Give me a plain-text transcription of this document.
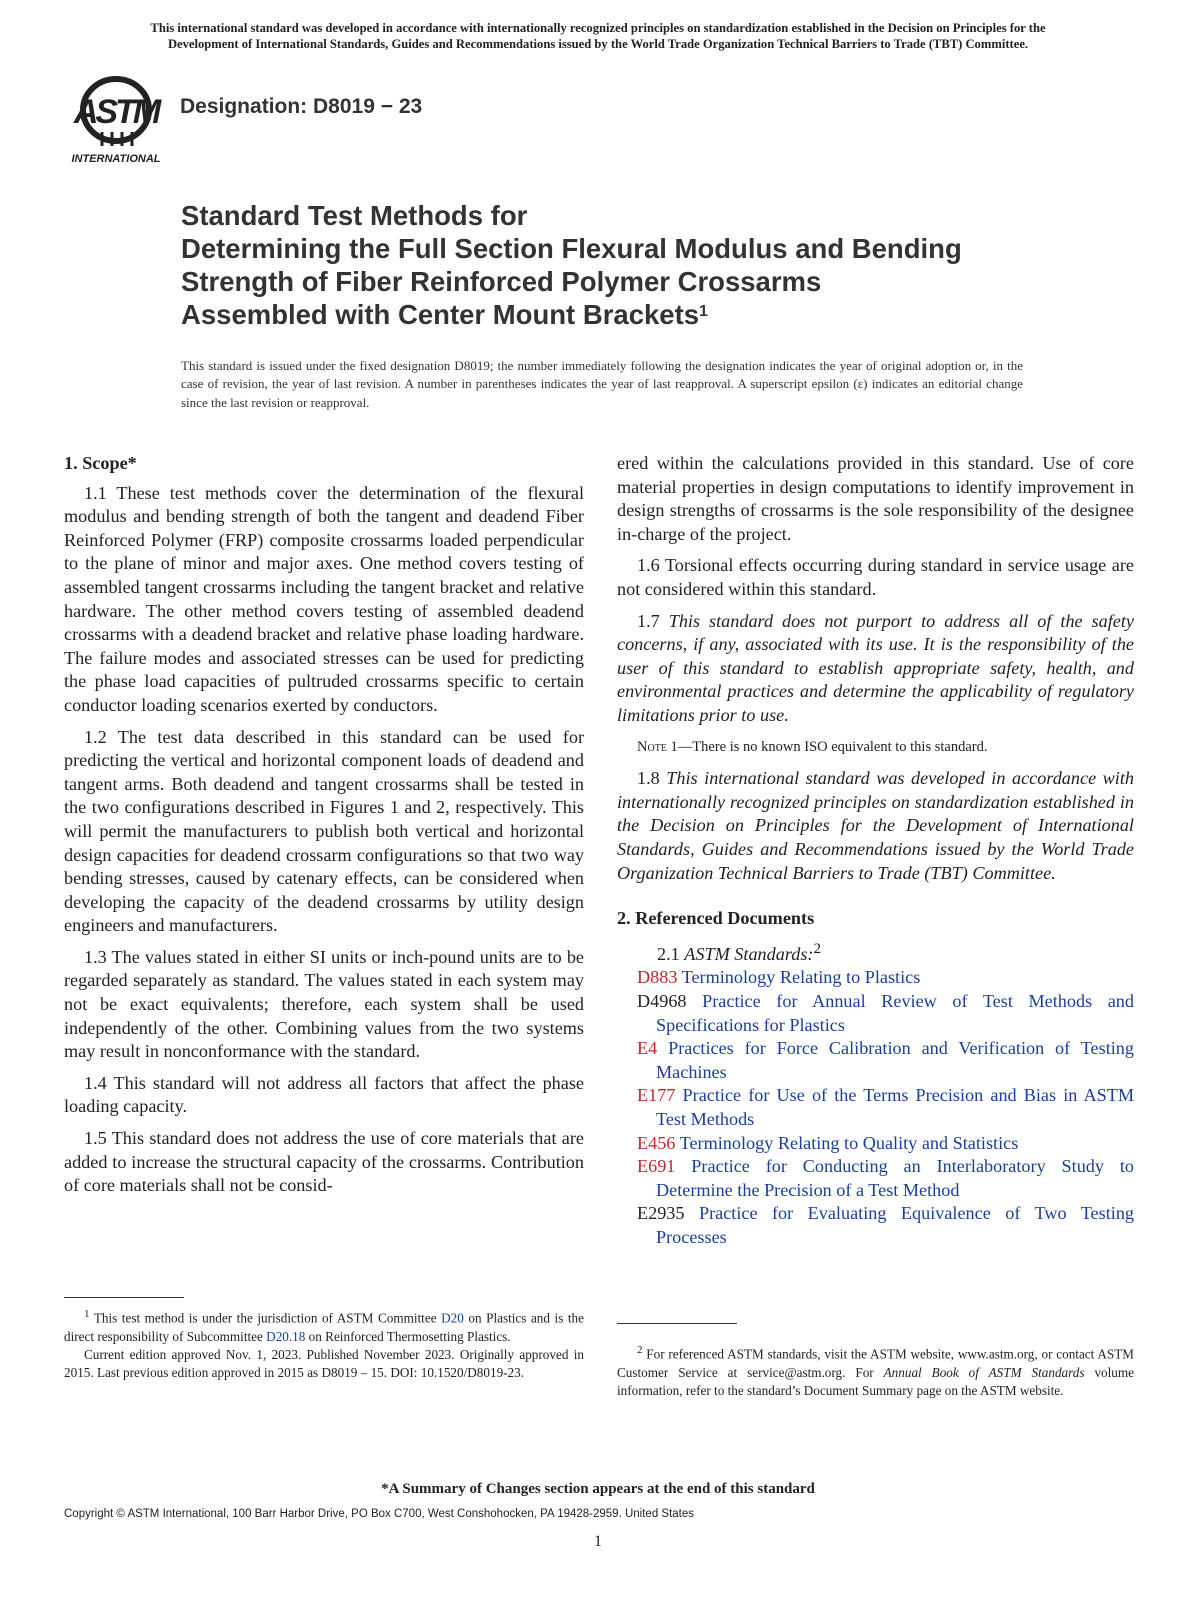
This international standard was developed in accordance with internationally recognized principles on standardization established in the Decision on Principles for the
Development of International Standards, Guides and Recommendations issued by the World Trade Organization Technical Barriers to Trade (TBT) Committee.
ASTM
INTERNATIONAL
Designation: D8019 − 23
Standard Test Methods for
Determining the Full Section Flexural Modulus and Bending
Strength of Fiber Reinforced Polymer Crossarms
Assembled with Center Mount Brackets$^1$
This standard is issued under the fixed designation D8019; the number immediately following the designation indicates the year of original adoption or, in the case of revision, the year of last revision. A number in parentheses indicates the year of last reapproval. A superscript epsilon (ε) indicates an editorial change since the last revision or reapproval.
1. Scope*

1.1 These test methods cover the determination of the flexural modulus and bending strength of both the tangent and deadend Fiber Reinforced Polymer (FRP) composite crossarms loaded perpendicular to the plane of minor and major axes. One method covers testing of assembled tangent crossarms including the tangent bracket and relative hardware. The other method covers testing of assembled deadend crossarms with a deadend bracket and relative phase loading hardware. The failure modes and associated stresses can be used for predicting the phase load capacities of pultruded crossarms specific to certain conductor loading scenarios exerted by conductors.

1.2 The test data described in this standard can be used for predicting the vertical and horizontal component loads of deadend and tangent arms. Both deadend and tangent crossarms shall be tested in the two configurations described in Figures 1 and 2, respectively. This will permit the manufacturers to publish both vertical and horizontal design capacities for deadend crossarm configurations so that two way bending stresses, caused by catenary effects, can be considered when developing the capacity of the deadend crossarms by utility design engineers and manufacturers.

1.3 The values stated in either SI units or inch-pound units are to be regarded separately as standard. The values stated in each system may not be exact equivalents; therefore, each system shall be used independently of the other. Combining values from the two systems may result in nonconformance with the standard.

1.4 This standard will not address all factors that affect the phase loading capacity.

1.5 This standard does not address the use of core materials that are added to increase the structural capacity of the crossarms. Contribution of core materials shall not be consid-

ered within the calculations provided in this standard. Use of core material properties in design computations to identify improvement in design strengths of crossarms is the sole responsibility of the designee in-charge of the project.

1.6 Torsional effects occurring during standard in service usage are not considered within this standard.

1.7 This standard does not purport to address all of the safety concerns, if any, associated with its use. It is the responsibility of the user of this standard to establish appropriate safety, health, and environmental practices and determine the applicability of regulatory limitations prior to use.

Note 1—There is no known ISO equivalent to this standard.

1.8 This international standard was developed in accordance with internationally recognized principles on standardization established in the Decision on Principles for the Development of International Standards, Guides and Recommendations issued by the World Trade Organization Technical Barriers to Trade (TBT) Committee.

2. Referenced Documents

2.1 ASTM Standards:$^2$

D883 Terminology Relating to Plastics

D4968 Practice for Annual Review of Test Methods and Specifications for Plastics

E4 Practices for Force Calibration and Verification of Testing Machines

E177 Practice for Use of the Terms Precision and Bias in ASTM Test Methods

E456 Terminology Relating to Quality and Statistics

E691 Practice for Conducting an Interlaboratory Study to Determine the Precision of a Test Method

E2935 Practice for Evaluating Equivalence of Two Testing Processes

$^1$ This test method is under the jurisdiction of ASTM Committee D20 on Plastics and is the direct responsibility of Subcommittee D20.18 on Reinforced Thermosetting Plastics.

Current edition approved Nov. 1, 2023. Published November 2023. Originally approved in 2015. Last previous edition approved in 2015 as D8019 – 15. DOI: 10.1520/D8019-23.

$^2$ For referenced ASTM standards, visit the ASTM website, www.astm.org, or contact ASTM Customer Service at service@astm.org. For Annual Book of ASTM Standards volume information, refer to the standard’s Document Summary page on the ASTM website.

*A Summary of Changes section appears at the end of this standard
Copyright © ASTM International, 100 Barr Harbor Drive, PO Box C700, West Conshohocken, PA 19428-2959. United States
1
